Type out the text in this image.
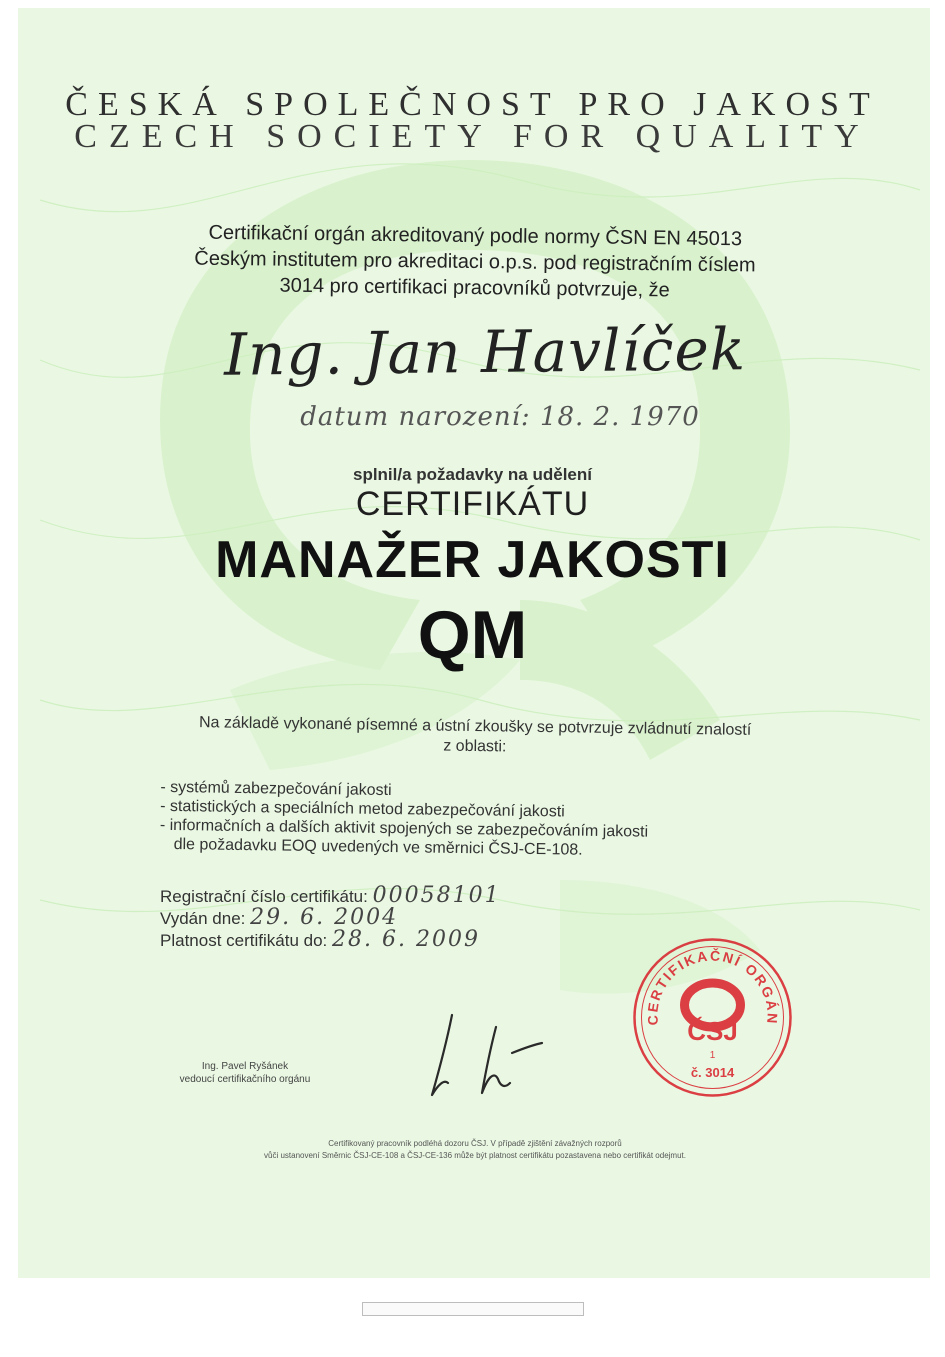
ČESKÁ SPOLEČNOST PRO JAKOST
CZECH SOCIETY FOR QUALITY
Certifikační orgán akreditovaný podle normy ČSN EN 45013
Českým institutem pro akreditaci o.p.s. pod registračním číslem
3014 pro certifikaci pracovníků potvrzuje, že
Ing. Jan Havlíček
datum narození: 18. 2. 1970
splnil/a požadavky na udělení
CERTIFIKÁTU
MANAŽER JAKOSTI
QM
Na základě vykonané písemné a ústní zkoušky se potvrzuje zvládnutí znalostí
z oblasti:
- systémů zabezpečování jakosti
- statistických a speciálních metod zabezpečování jakosti
- informačních a dalších aktivit spojených se zabezpečováním jakosti
dle požadavku EOQ uvedených ve směrnici ČSJ-CE-108.
Registrační číslo certifikátu: 00058101
Vydán dne: 29. 6. 2004
Platnost certifikátu do: 28. 6. 2009
Ing. Pavel Ryšánek
vedoucí certifikačního orgánu
CERTIFIKAČNÍ ORGÁN
ČSJ
1
č. 3014
Certifikovaný pracovník podléhá dozoru ČSJ. V případě zjištění závažných rozporů
vůči ustanovení Směrnic ČSJ-CE-108 a ČSJ-CE-136 může být platnost certifikátu pozastavena nebo certifikát odejmut.
